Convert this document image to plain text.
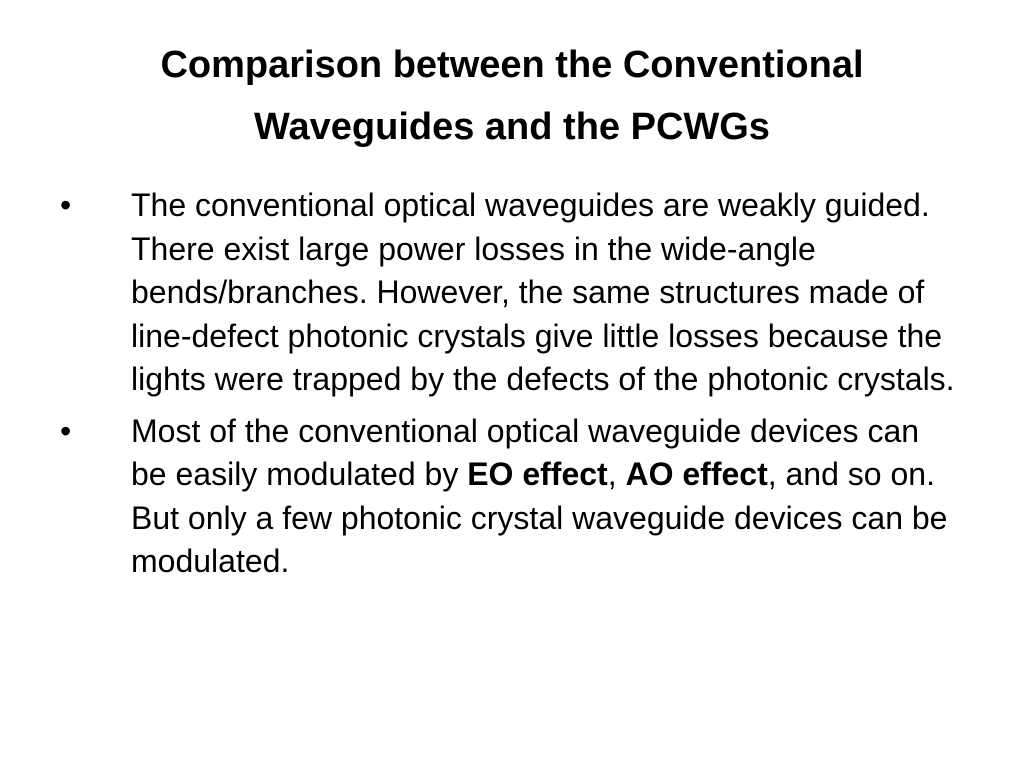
Comparison between the Conventional
Waveguides and the PCWGs
•	The conventional optical waveguides are weakly guided. There exist large power losses in the wide-angle bends/branches. However, the same structures made of line-defect photonic crystals give little losses because the lights were trapped by the defects of the photonic crystals.
•	Most of the conventional optical waveguide devices can be easily modulated by EO effect, AO effect, and so on. But only a few photonic crystal waveguide devices can be modulated.
